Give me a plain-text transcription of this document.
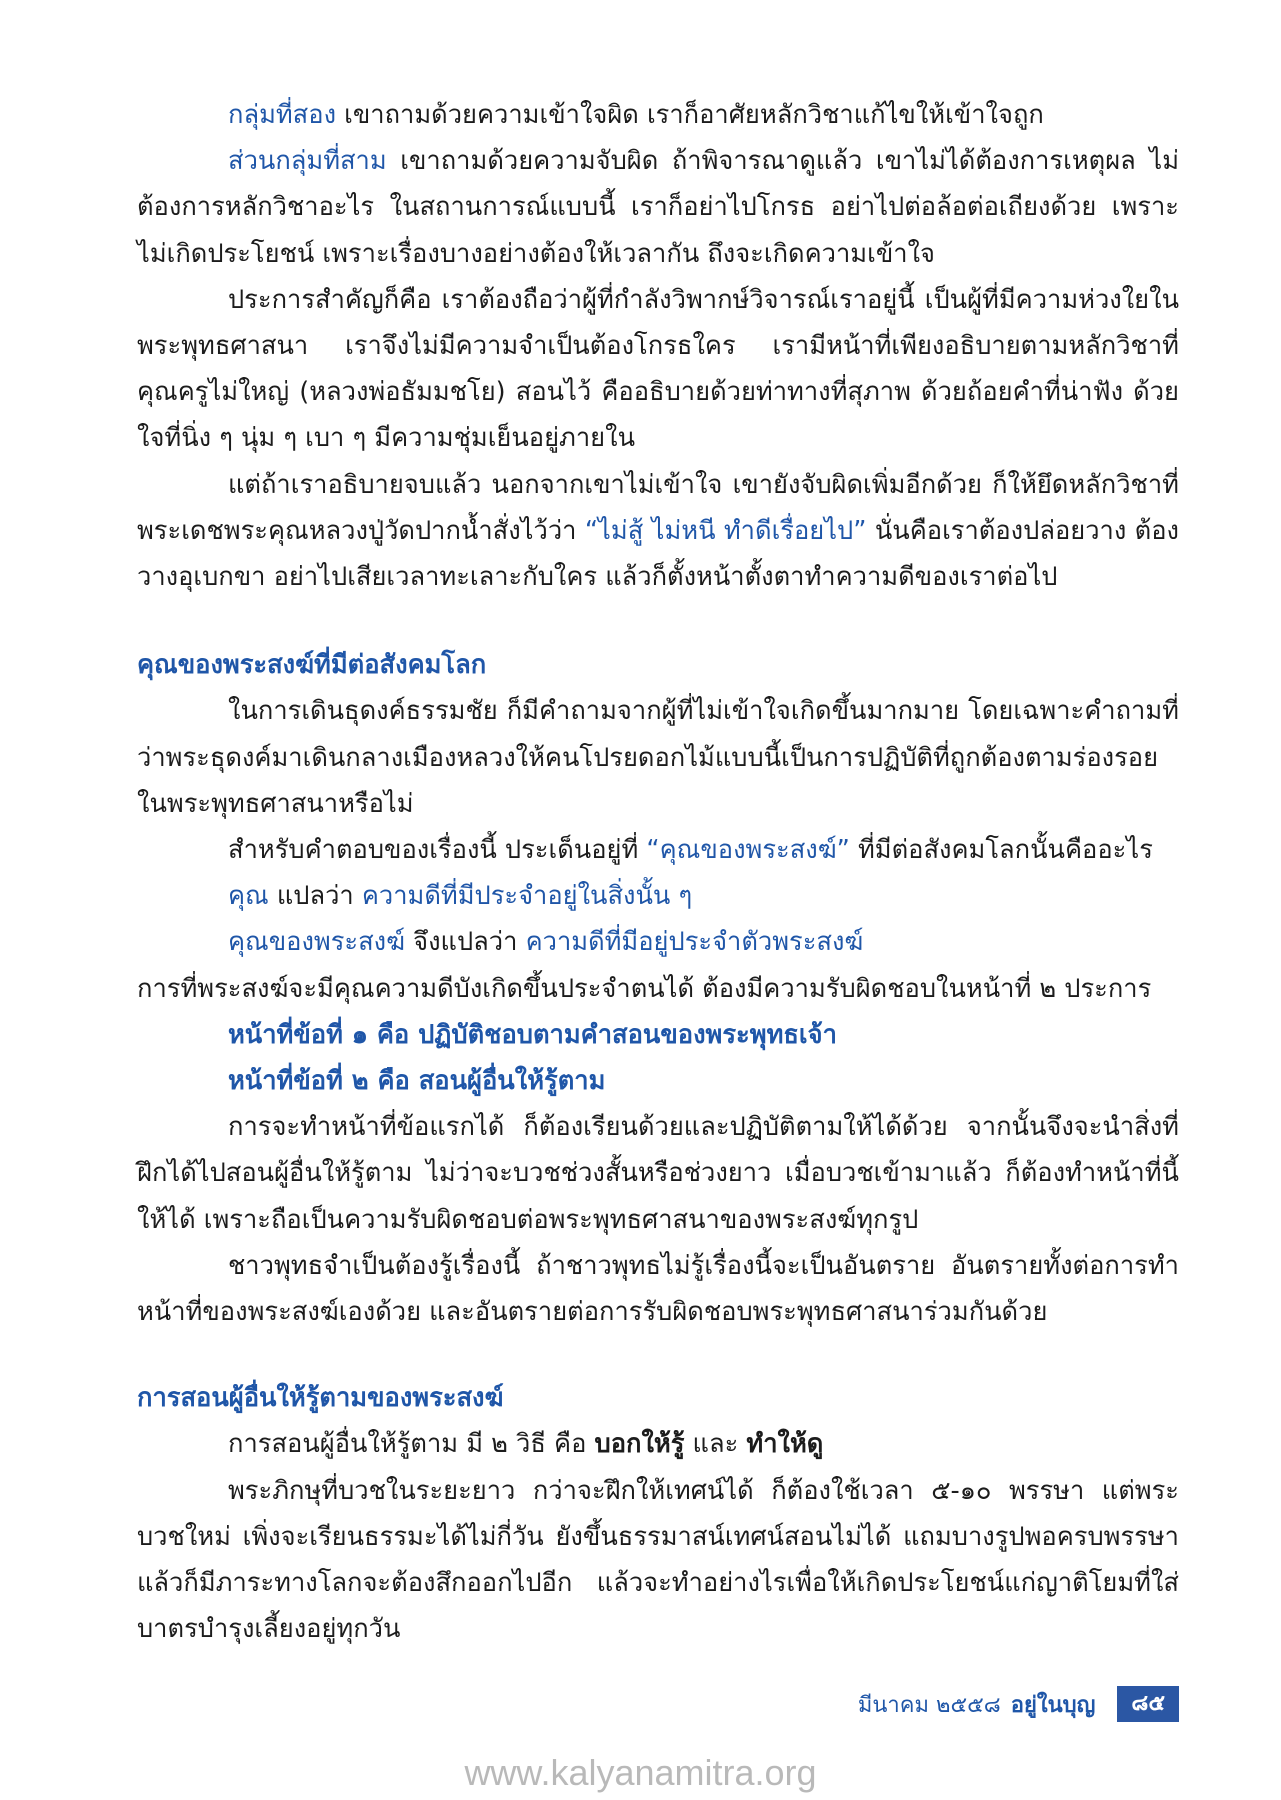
กลุ่มที่สอง เขาถามด้วยความเข้าใจผิด เราก็อาศัยหลักวิชาแก้ไขให้เข้าใจถูก

ส่วนกลุ่มที่สาม เขาถามด้วยความจับผิด ถ้าพิจารณาดูแล้ว เขาไม่ได้ต้องการเหตุผล ไม่ต้องการหลักวิชาอะไร ในสถานการณ์แบบนี้ เราก็อย่าไปโกรธ อย่าไปต่อล้อต่อเถียงด้วย เพราะไม่เกิดประโยชน์ เพราะเรื่องบางอย่างต้องให้เวลากัน ถึงจะเกิดความเข้าใจ

ประการสำคัญก็คือ เราต้องถือว่าผู้ที่กำลังวิพากษ์วิจารณ์เราอยู่นี้ เป็นผู้ที่มีความห่วงใยในพระพุทธศาสนา เราจึงไม่มีความจำเป็นต้องโกรธใคร เรามีหน้าที่เพียงอธิบายตามหลักวิชาที่คุณครูไม่ใหญ่ (หลวงพ่อธัมมชโย) สอนไว้ คืออธิบายด้วยท่าทางที่สุภาพ ด้วยถ้อยคำที่น่าฟัง ด้วยใจที่นิ่ง ๆ นุ่ม ๆ เบา ๆ มีความชุ่มเย็นอยู่ภายใน

แต่ถ้าเราอธิบายจบแล้ว นอกจากเขาไม่เข้าใจ เขายังจับผิดเพิ่มอีกด้วย ก็ให้ยึดหลักวิชาที่พระเดชพระคุณหลวงปู่วัดปากน้ำสั่งไว้ว่า “ไม่สู้ ไม่หนี ทำดีเรื่อยไป” นั่นคือเราต้องปล่อยวาง ต้องวางอุเบกขา อย่าไปเสียเวลาทะเลาะกับใคร แล้วก็ตั้งหน้าตั้งตาทำความดีของเราต่อไป

คุณของพระสงฆ์ที่มีต่อสังคมโลก

ในการเดินธุดงค์ธรรมชัย ก็มีคำถามจากผู้ที่ไม่เข้าใจเกิดขึ้นมากมาย โดยเฉพาะคำถามที่ว่าพระธุดงค์มาเดินกลางเมืองหลวงให้คนโปรยดอกไม้แบบนี้เป็นการปฏิบัติที่ถูกต้องตามร่องรอยในพระพุทธศาสนาหรือไม่

สำหรับคำตอบของเรื่องนี้ ประเด็นอยู่ที่ “คุณของพระสงฆ์” ที่มีต่อสังคมโลกนั้นคืออะไร

คุณ แปลว่า ความดีที่มีประจำอยู่ในสิ่งนั้น ๆ

คุณของพระสงฆ์ จึงแปลว่า ความดีที่มีอยู่ประจำตัวพระสงฆ์

การที่พระสงฆ์จะมีคุณความดีบังเกิดขึ้นประจำตนได้ ต้องมีความรับผิดชอบในหน้าที่ ๒ ประการ

หน้าที่ข้อที่ ๑ คือ ปฏิบัติชอบตามคำสอนของพระพุทธเจ้า

หน้าที่ข้อที่ ๒ คือ สอนผู้อื่นให้รู้ตาม

การจะทำหน้าที่ข้อแรกได้ ก็ต้องเรียนด้วยและปฏิบัติตามให้ได้ด้วย จากนั้นจึงจะนำสิ่งที่ฝึกได้ไปสอนผู้อื่นให้รู้ตาม ไม่ว่าจะบวชช่วงสั้นหรือช่วงยาว เมื่อบวชเข้ามาแล้ว ก็ต้องทำหน้าที่นี้ให้ได้ เพราะถือเป็นความรับผิดชอบต่อพระพุทธศาสนาของพระสงฆ์ทุกรูป

ชาวพุทธจำเป็นต้องรู้เรื่องนี้ ถ้าชาวพุทธไม่รู้เรื่องนี้จะเป็นอันตราย อันตรายทั้งต่อการทำหน้าที่ของพระสงฆ์เองด้วย และอันตรายต่อการรับผิดชอบพระพุทธศาสนาร่วมกันด้วย

การสอนผู้อื่นให้รู้ตามของพระสงฆ์

การสอนผู้อื่นให้รู้ตาม มี ๒ วิธี คือ บอกให้รู้ และ ทำให้ดู

พระภิกษุที่บวชในระยะยาว กว่าจะฝึกให้เทศน์ได้ ก็ต้องใช้เวลา ๕-๑๐ พรรษา แต่พระบวชใหม่ เพิ่งจะเรียนธรรมะได้ไม่กี่วัน ยังขึ้นธรรมาสน์เทศน์สอนไม่ได้ แถมบางรูปพอครบพรรษาแล้วก็มีภาระทางโลกจะต้องสึกออกไปอีก แล้วจะทำอย่างไรเพื่อให้เกิดประโยชน์แก่ญาติโยมที่ใส่บาตรบำรุงเลี้ยงอยู่ทุกวัน

มีนาคม ๒๕๕๘ อยู่ในบุญ	๘๕
www.kalyanamitra.org
